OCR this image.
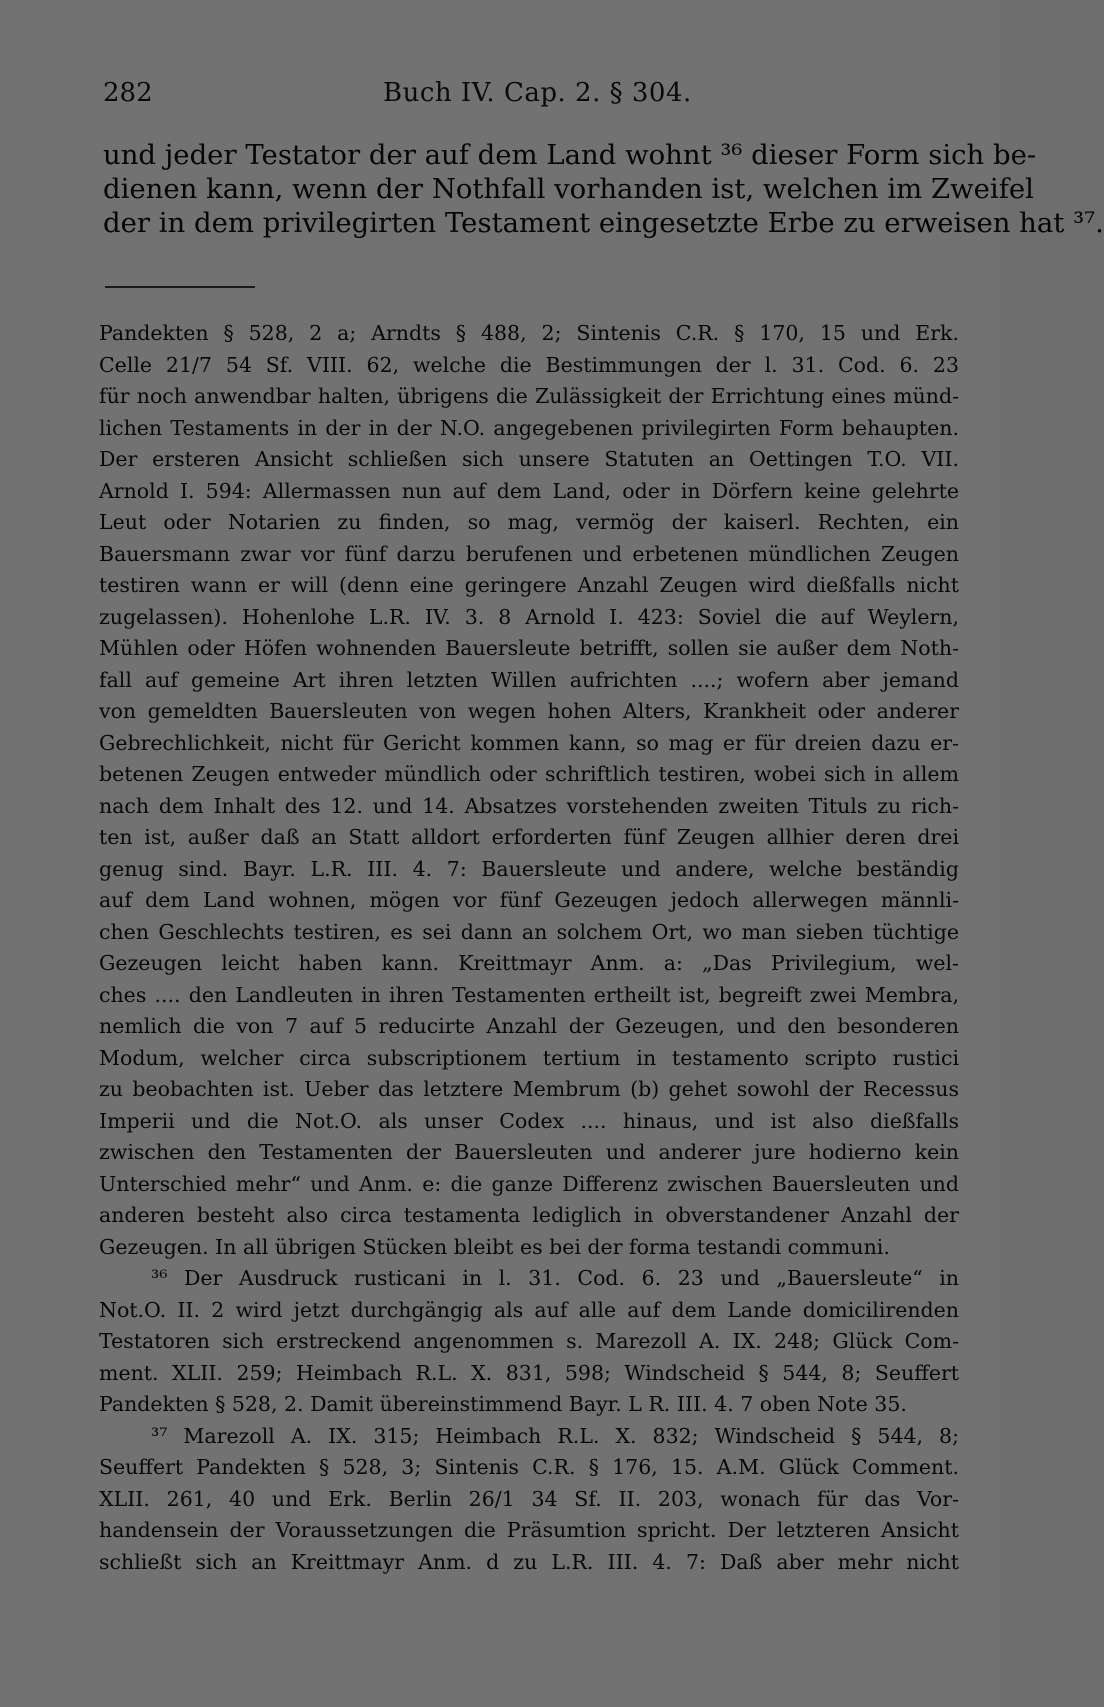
282	Buch IV. Cap. 2. § 304.
und jeder Testator der auf dem Land wohnt ³⁶ dieser Form sich be-
dienen kann, wenn der Nothfall vorhanden ist, welchen im Zweifel
der in dem privilegirten Testament eingesetzte Erbe zu erweisen hat ³⁷.
Pandekten § 528, 2 a; Arndts § 488, 2; Sintenis C.R. § 170, 15 und Erk.
Celle 21/7 54 Sf. VIII. 62, welche die Bestimmungen der l. 31. Cod. 6. 23
für noch anwendbar halten, übrigens die Zulässigkeit der Errichtung eines münd-
lichen Testaments in der in der N.O. angegebenen privilegirten Form behaupten.
Der ersteren Ansicht schließen sich unsere Statuten an Oettingen T.O. VII.
Arnold I. 594: Allermassen nun auf dem Land, oder in Dörfern keine gelehrte
Leut oder Notarien zu finden, so mag, vermög der kaiserl. Rechten, ein
Bauersmann zwar vor fünf darzu berufenen und erbetenen mündlichen Zeugen
testiren wann er will (denn eine geringere Anzahl Zeugen wird dießfalls nicht
zugelassen). Hohenlohe L.R. IV. 3. 8 Arnold I. 423: Soviel die auf Weylern,
Mühlen oder Höfen wohnenden Bauersleute betrifft, sollen sie außer dem Noth-
fall auf gemeine Art ihren letzten Willen aufrichten ....; wofern aber jemand
von gemeldten Bauersleuten von wegen hohen Alters, Krankheit oder anderer
Gebrechlichkeit, nicht für Gericht kommen kann, so mag er für dreien dazu er-
betenen Zeugen entweder mündlich oder schriftlich testiren, wobei sich in allem
nach dem Inhalt des 12. und 14. Absatzes vorstehenden zweiten Tituls zu rich-
ten ist, außer daß an Statt alldort erforderten fünf Zeugen allhier deren drei
genug sind. Bayr. L.R. III. 4. 7: Bauersleute und andere, welche beständig
auf dem Land wohnen, mögen vor fünf Gezeugen jedoch allerwegen männli-
chen Geschlechts testiren, es sei dann an solchem Ort, wo man sieben tüchtige
Gezeugen leicht haben kann. Kreittmayr Anm. a: „Das Privilegium, wel-
ches .... den Landleuten in ihren Testamenten ertheilt ist, begreift zwei Membra,
nemlich die von 7 auf 5 reducirte Anzahl der Gezeugen, und den besonderen
Modum, welcher circa subscriptionem tertium in testamento scripto rustici
zu beobachten ist. Ueber das letztere Membrum (b) gehet sowohl der Recessus
Imperii und die Not.O. als unser Codex .... hinaus, und ist also dießfalls
zwischen den Testamenten der Bauersleuten und anderer jure hodierno kein
Unterschied mehr“ und Anm. e: die ganze Differenz zwischen Bauersleuten und
anderen besteht also circa testamenta lediglich in obverstandener Anzahl der
Gezeugen. In all übrigen Stücken bleibt es bei der forma testandi communi.
³⁶ Der Ausdruck rusticani in l. 31. Cod. 6. 23 und „Bauersleute“ in
Not.O. II. 2 wird jetzt durchgängig als auf alle auf dem Lande domicilirenden
Testatoren sich erstreckend angenommen s. Marezoll A. IX. 248; Glück Com-
ment. XLII. 259; Heimbach R.L. X. 831, 598; Windscheid § 544, 8; Seuffert
Pandekten § 528, 2. Damit übereinstimmend Bayr. L R. III. 4. 7 oben Note 35.
³⁷ Marezoll A. IX. 315; Heimbach R.L. X. 832; Windscheid § 544, 8;
Seuffert Pandekten § 528, 3; Sintenis C.R. § 176, 15. A.M. Glück Comment.
XLII. 261, 40 und Erk. Berlin 26/1 34 Sf. II. 203, wonach für das Vor-
handensein der Voraussetzungen die Präsumtion spricht. Der letzteren Ansicht
schließt sich an Kreittmayr Anm. d zu L.R. III. 4. 7: Daß aber mehr nicht
